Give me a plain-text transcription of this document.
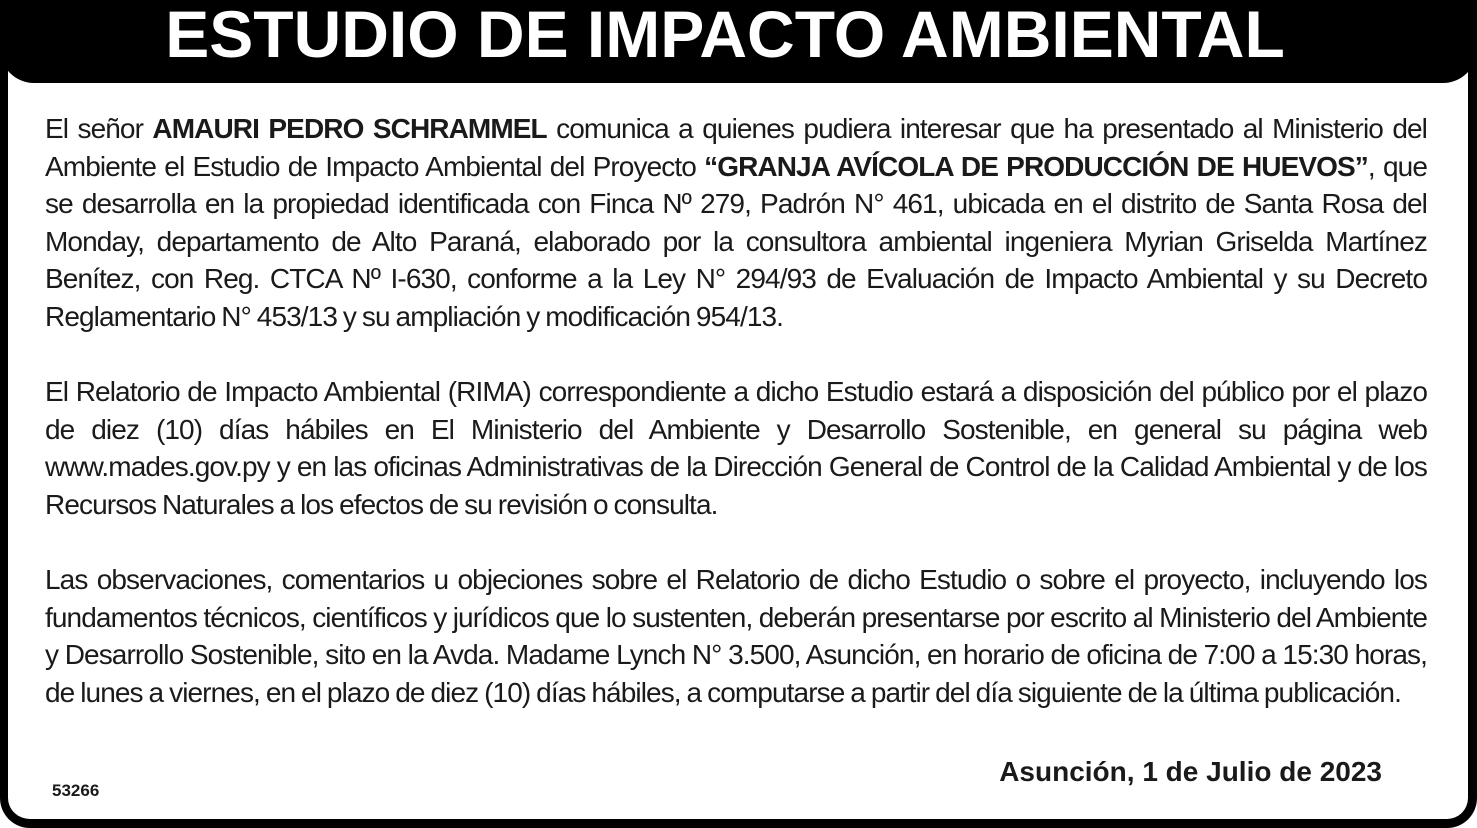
ESTUDIO DE IMPACTO AMBIENTAL

El señor AMAURI PEDRO SCHRAMMEL comunica a quienes pudiera interesar que ha presentado al Ministerio del Ambiente el Estudio de Impacto Ambiental del Proyecto “GRANJA AVÍCOLA DE PRODUCCIÓN DE HUEVOS”, que se desarrolla en la propiedad identificada con Finca Nº 279, Padrón N° 461, ubicada en el distrito de Santa Rosa del Monday, departamento de Alto Paraná, elaborado por la consultora ambiental ingeniera Myrian Griselda Martínez Benítez, con Reg. CTCA Nº I-630, conforme a la Ley N° 294/93 de Evaluación de Impacto Ambiental y su Decreto Reglamentario N° 453/13 y su ampliación y modificación 954/13.

El Relatorio de Impacto Ambiental (RIMA) correspondiente a dicho Estudio estará a disposición del público por el plazo de diez (10) días hábiles en El Ministerio del Ambiente y Desarrollo Sostenible, en general su página web www.mades.gov.py y en las oficinas Administrativas de la Dirección General de Control de la Calidad Ambiental y de los Recursos Naturales a los efectos de su revisión o consulta.

Las observaciones, comentarios u objeciones sobre el Relatorio de dicho Estudio o sobre el proyecto, incluyendo los fundamentos técnicos, científicos y jurídicos que lo sustenten, deberán presentarse por escrito al Ministerio del Ambiente y Desarrollo Sostenible, sito en la Avda. Madame Lynch N° 3.500, Asunción, en horario de oficina de 7:00 a 15:30 horas, de lunes a viernes, en el plazo de diez (10) días hábiles, a computarse a partir del día siguiente de la última publicación.

Asunción, 1 de Julio de 2023
53266
